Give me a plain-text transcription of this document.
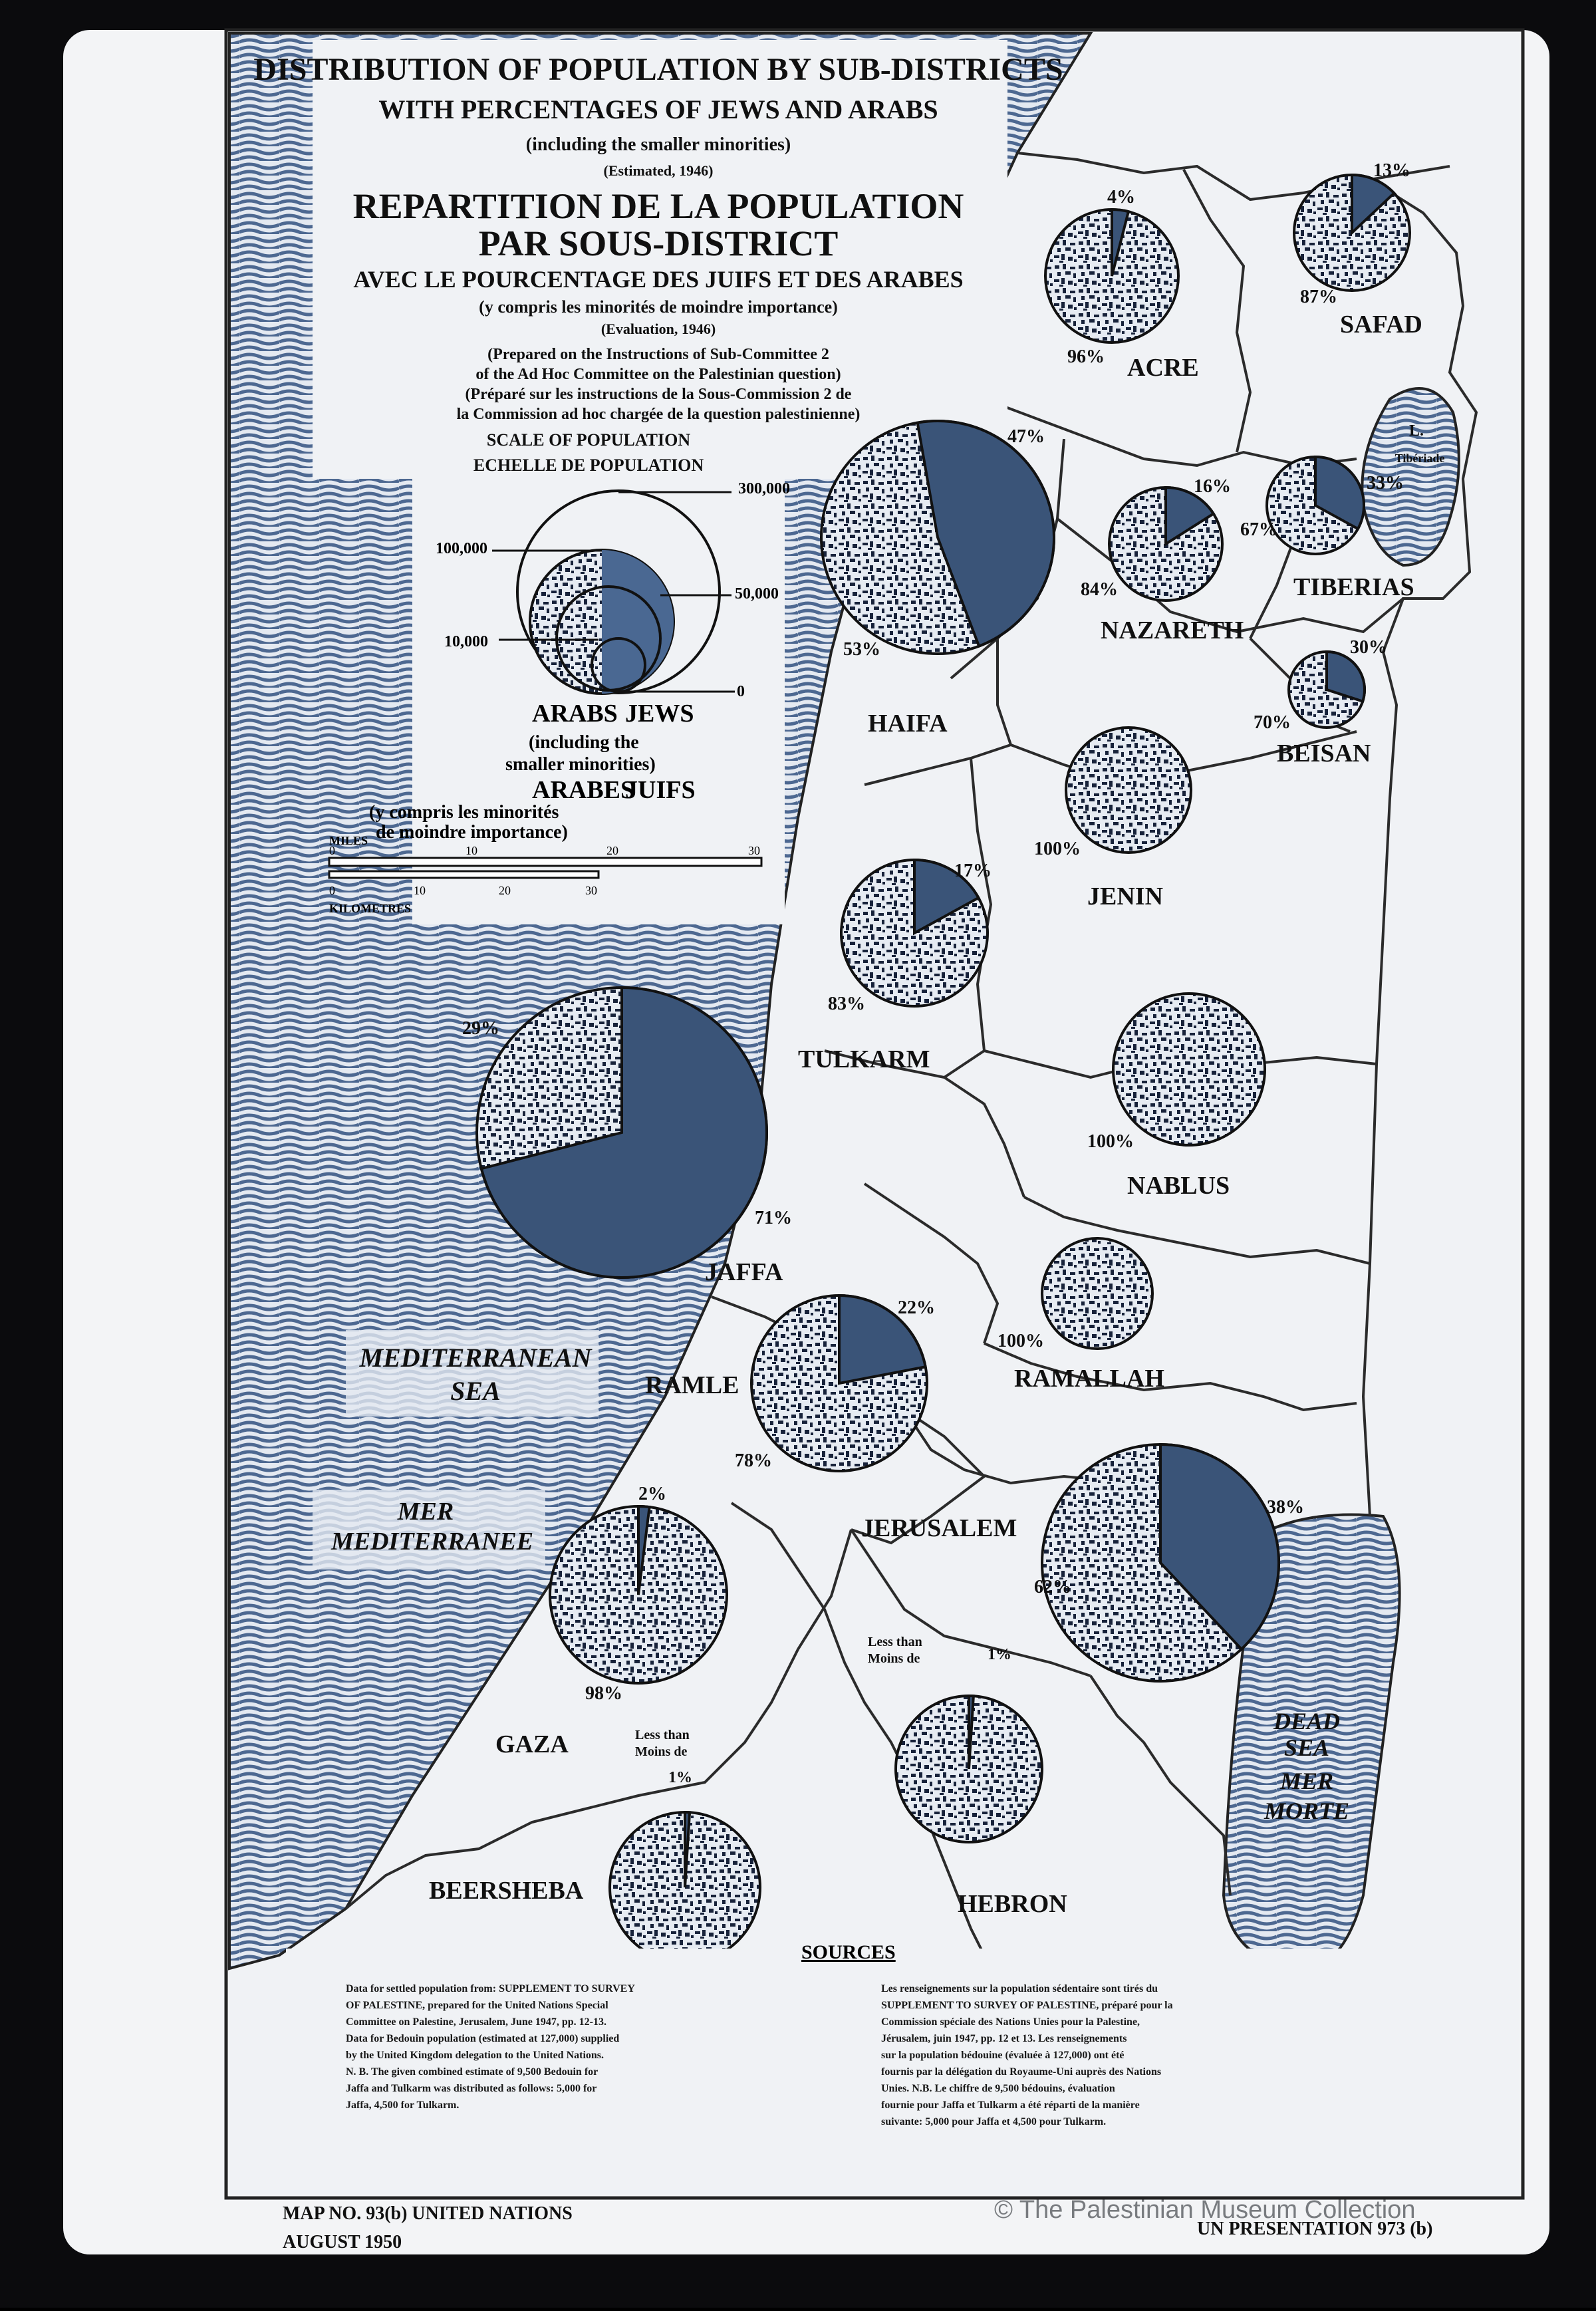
DISTRIBUTION OF POPULATION BY SUB-DISTRICTS
WITH PERCENTAGES OF JEWS AND ARABS
(including the smaller minorities)
(Estimated, 1946)
REPARTITION DE LA POPULATION
PAR SOUS-DISTRICT
AVEC LE POURCENTAGE DES JUIFS ET DES ARABES
(y compris les minorités de moindre importance)
(Evaluation, 1946)
(Prepared on the Instructions of Sub-Committee 2
of the Ad Hoc Committee on the Palestinian question)
(Préparé sur les instructions de la Sous-Commission 2 de
la Commission ad hoc chargée de la question palestinienne)
SCALE OF POPULATION
ECHELLE DE POPULATION
300,000
100,000
50,000
10,000
0
ARABS JEWS
(including the
smaller minorities)
ARABES
JUIFS
(y compris les minorités
de moindre importance)
MILES
0	10	20	30
0	10	20	30
KILOMETRES
MEDITERRANEAN
SEA
MER
MEDITERRANEE
DEAD
SEA
MER
MORTE
L.
Tibériade
ACRE
SAFAD
HAIFA
NAZARETH
TIBERIAS
BEISAN
JENIN
TULKARM
NABLUS
JAFFA
RAMLE	RAMALLAH
JERUSALEM
GAZA
HEBRON
BEERSHEBA
4%
96%
13%
87%
47%
53%
16%
84%
33%
67%
30%
70%
100%
17%
83%
100%
71%
29%
100%
22%
78%
38%
62%
2%
98%
Less than
Moins de	1%
Less than
Moins de
1%
SOURCES
Data for settled population from: SUPPLEMENT TO SURVEY
OF PALESTINE, prepared for the United Nations Special
Committee on Palestine, Jerusalem, June 1947, pp. 12-13.
Data for Bedouin population (estimated at 127,000) supplied
by the United Kingdom delegation to the United Nations.
N. B. The given combined estimate of 9,500 Bedouin for
Jaffa and Tulkarm was distributed as follows: 5,000 for
Jaffa, 4,500 for Tulkarm.
Les renseignements sur la population sédentaire sont tirés du
SUPPLEMENT TO SURVEY OF PALESTINE, préparé pour la
Commission spéciale des Nations Unies pour la Palestine,
Jérusalem, juin 1947, pp. 12 et 13. Les renseignements
sur la population bédouine (évaluée à 127,000) ont été
fournis par la délégation du Royaume-Uni auprès des Nations
Unies. N.B. Le chiffre de 9,500 bédouins, évaluation
fournie pour Jaffa et Tulkarm a été réparti de la manière
suivante: 5,000 pour Jaffa et 4,500 pour Tulkarm.
MAP NO. 93(b) UNITED NATIONS
AUGUST 1950
UN PRESENTATION 973 (b)
© The Palestinian Museum Collection
